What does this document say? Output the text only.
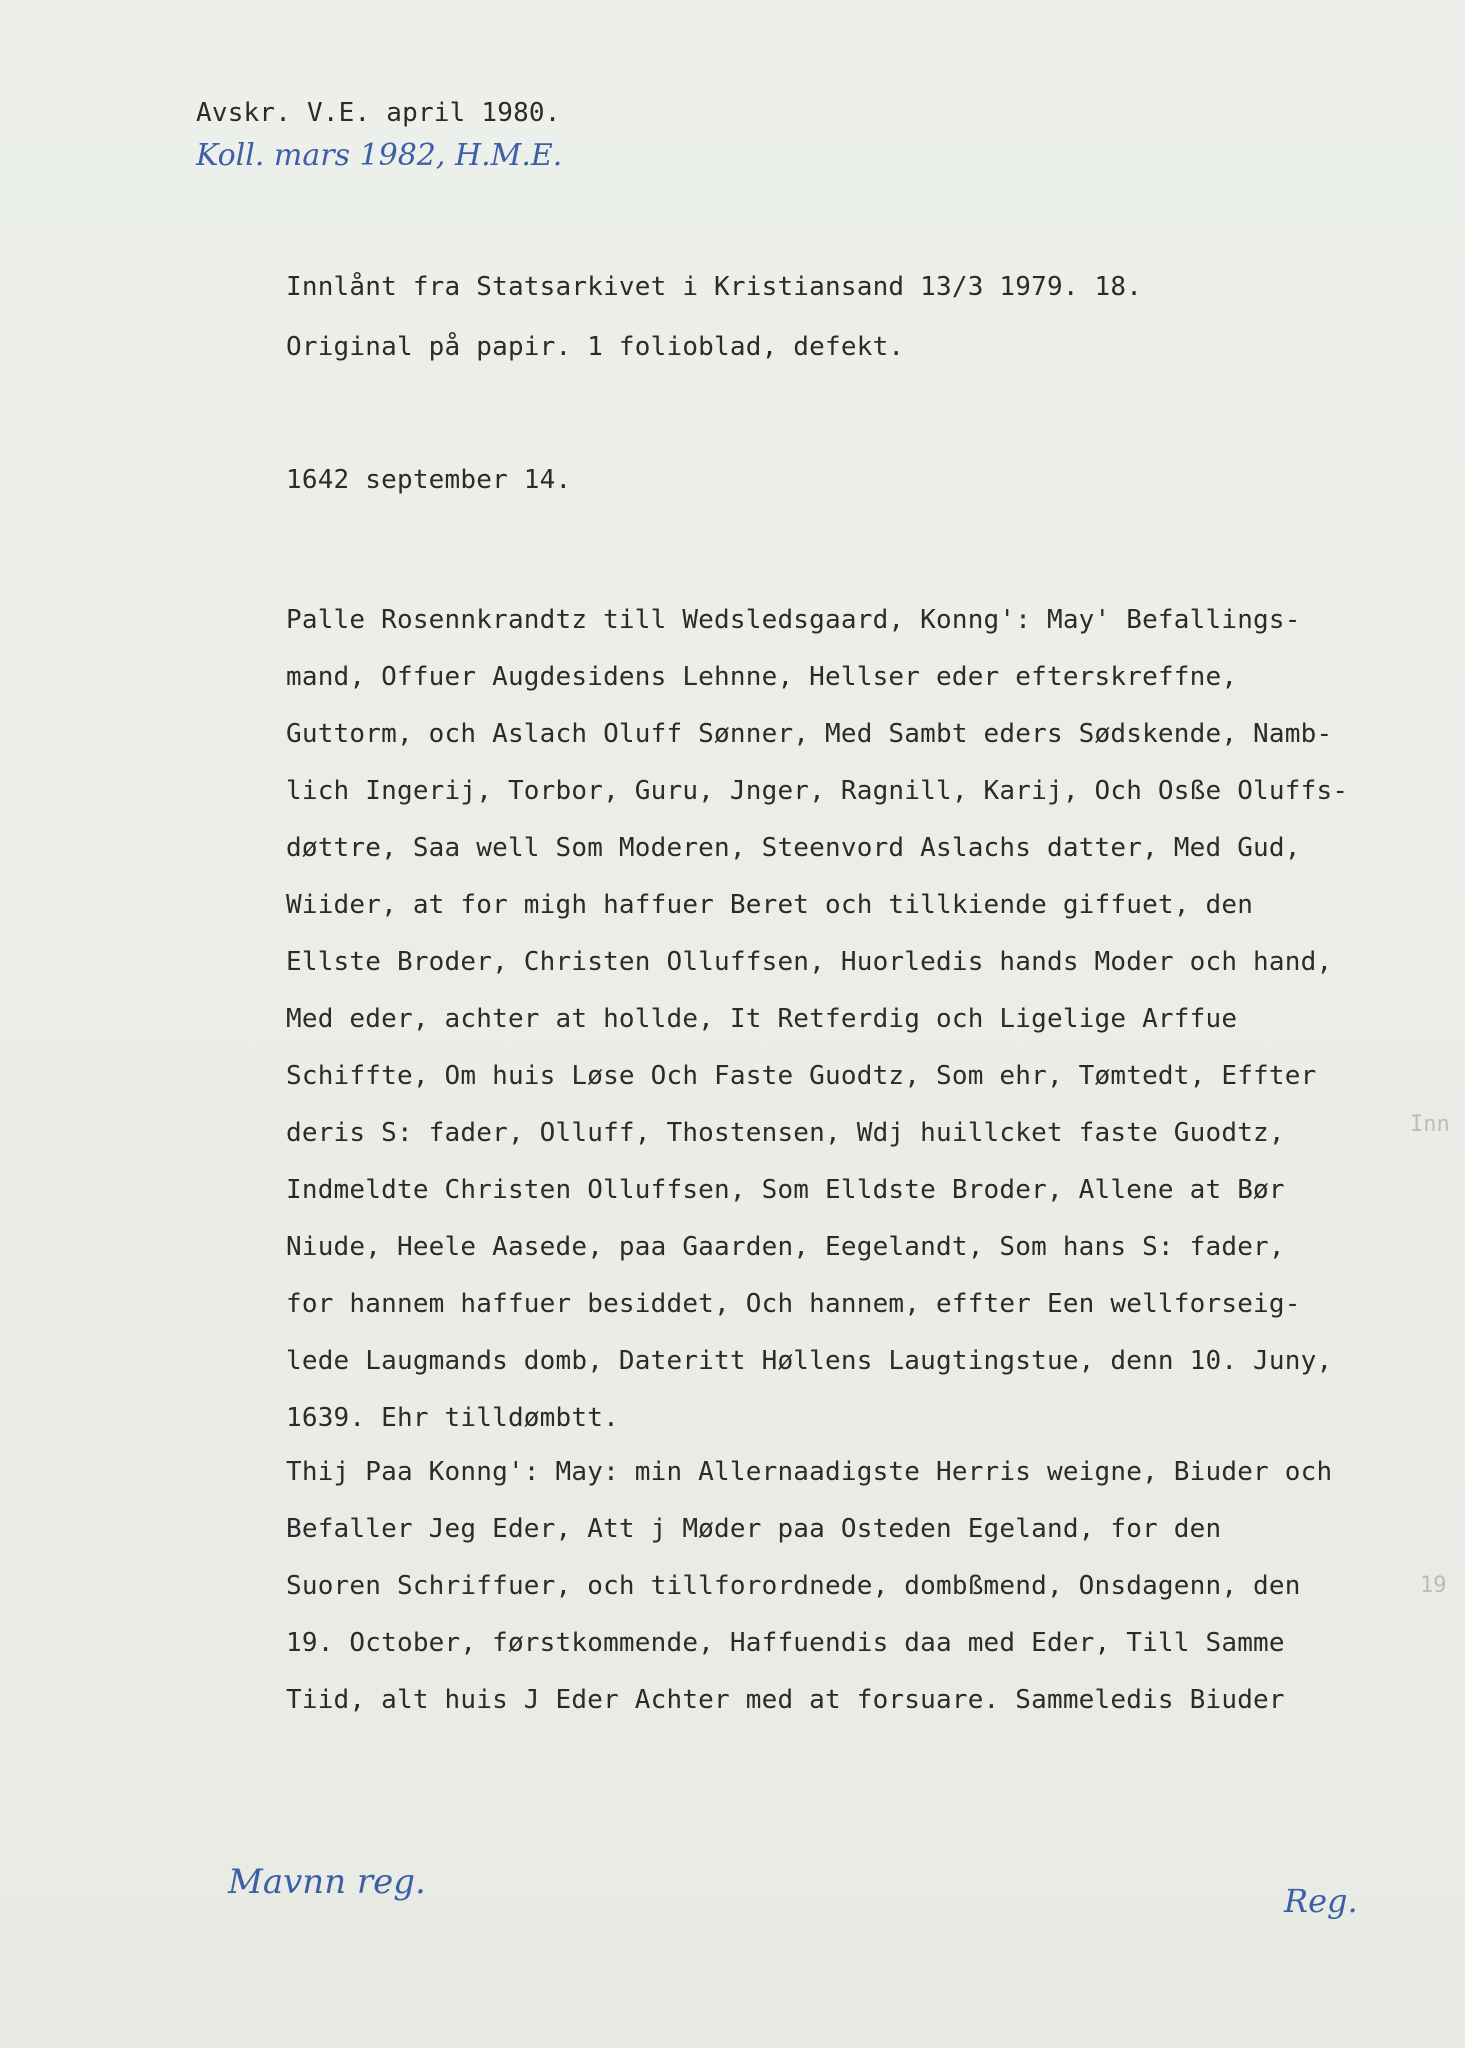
Avskr. V.E. april 1980.
Koll. mars 1982, H.M.E.
Innlånt fra Statsarkivet i Kristiansand 13/3 1979. 18.
Original på papir. 1 folioblad, defekt.
1642 september 14.
Palle Rosennkrandtz till Wedsledsgaard, Konng': May' Befallings-
mand, Offuer Augdesidens Lehnne, Hellser eder efterskreffne,
Guttorm, och Aslach Oluff Sønner, Med Sambt eders Sødskende, Namb-
lich Ingerij, Torbor, Guru, Jnger, Ragnill, Karij, Och Osße Oluffs-
døttre, Saa well Som Moderen, Steenvord Aslachs datter, Med Gud,
Wiider, at for migh haffuer Beret och tillkiende giffuet, den
Ellste Broder, Christen Olluffsen, Huorledis hands Moder och hand,
Med eder, achter at hollde, It Retferdig och Ligelige Arffue
Schiffte, Om huis Løse Och Faste Guodtz, Som ehr, Tømtedt, Effter
deris S: fader, Olluff, Thostensen, Wdj huillcket faste Guodtz,
Indmeldte Christen Olluffsen, Som Elldste Broder, Allene at Bør
Niude, Heele Aasede, paa Gaarden, Eegelandt, Som hans S: fader,
for hannem haffuer besiddet, Och hannem, effter Een wellforseig-
lede Laugmands domb, Dateritt Høllens Laugtingstue, denn 10. Juny,
1639. Ehr tilldømbtt.
Thij Paa Konng': May: min Allernaadigste Herris weigne, Biuder och
Befaller Jeg Eder, Att j Møder paa Osteden Egeland, for den
Suoren Schriffuer, och tillforordnede, dombßmend, Onsdagenn, den
19. October, førstkommende, Haffuendis daa med Eder, Till Samme
Tiid, alt huis J Eder Achter med at forsuare. Sammeledis Biuder
Inn
19
Mavnn reg.	Reg.
